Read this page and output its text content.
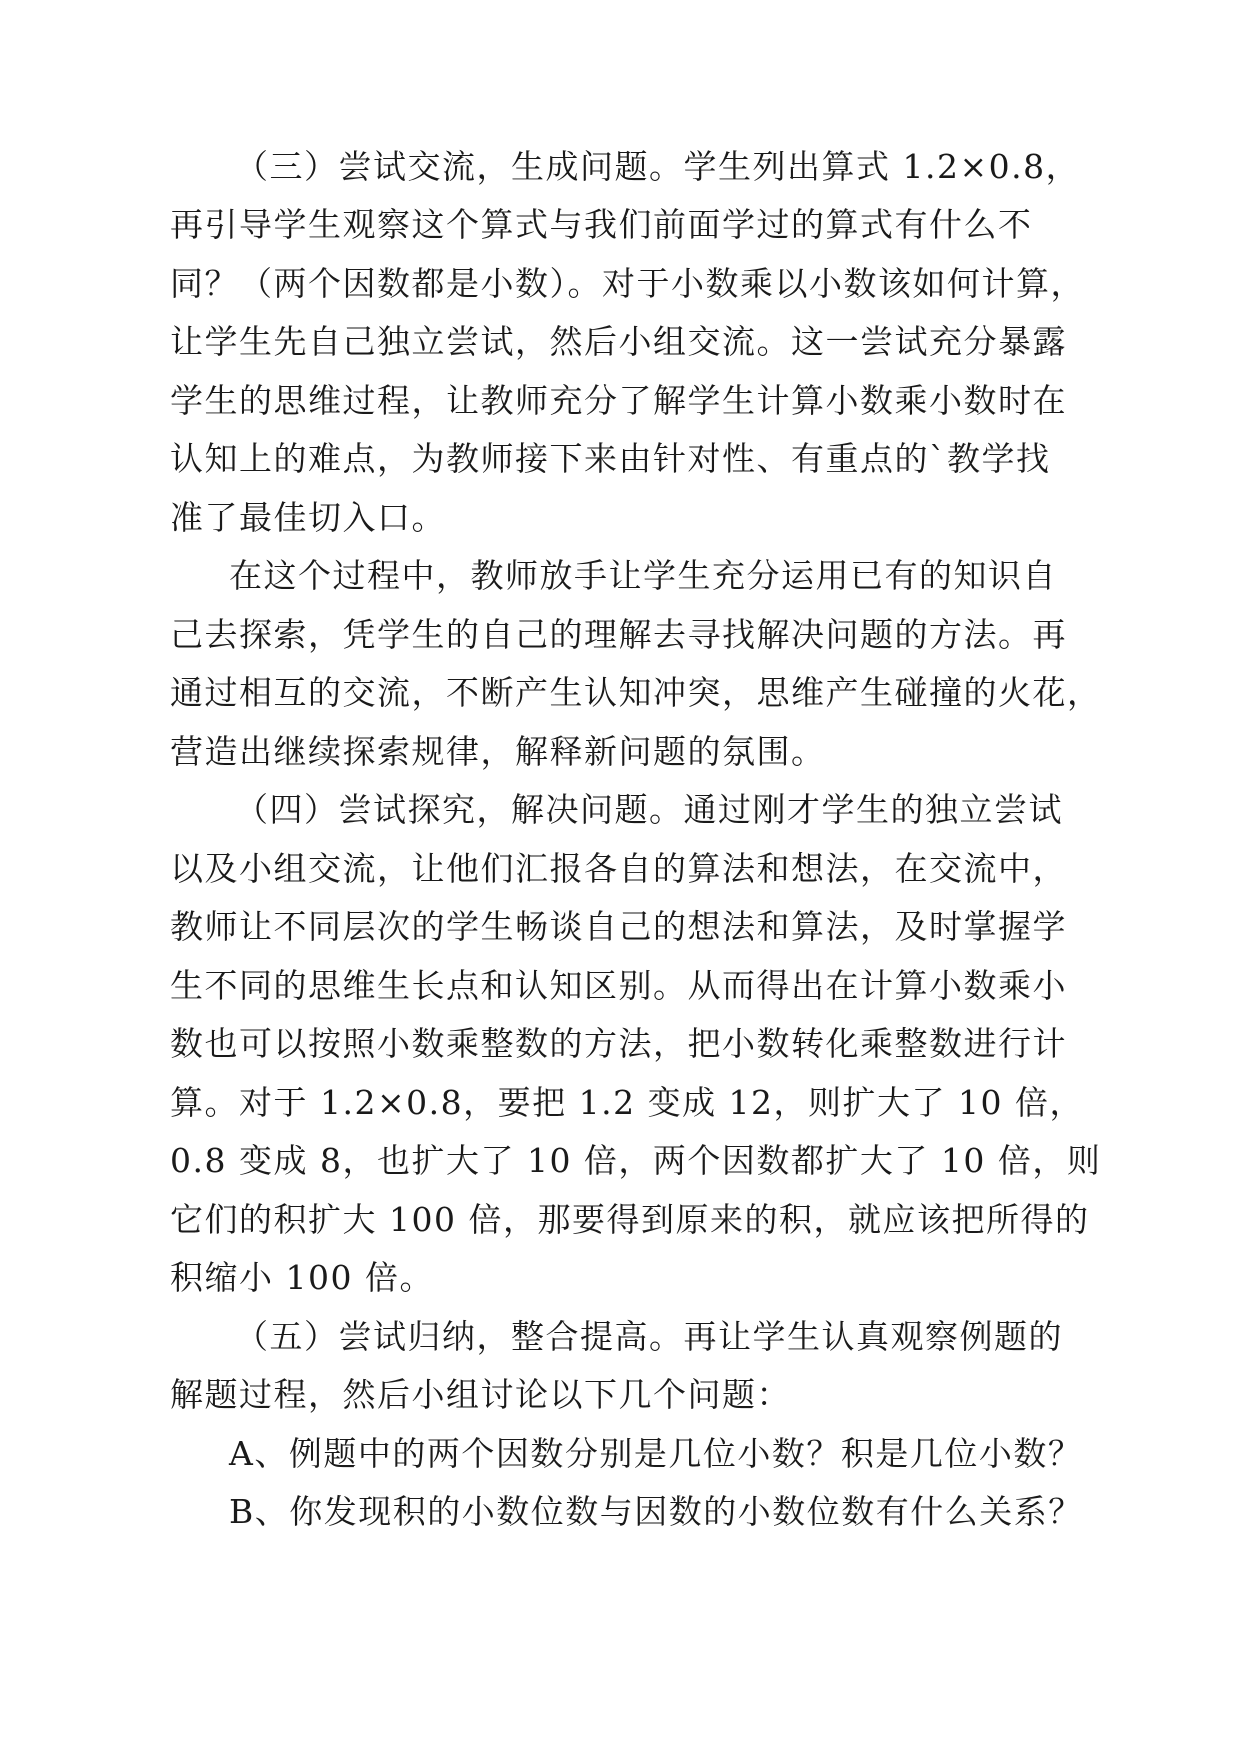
（三）尝试交流，生成问题。学生列出算式 1.2×0.8，
再引导学生观察这个算式与我们前面学过的算式有什么不
同？（两个因数都是小数）。对于小数乘以小数该如何计算，
让学生先自己独立尝试，然后小组交流。这一尝试充分暴露
学生的思维过程，让教师充分了解学生计算小数乘小数时在
认知上的难点，为教师接下来由针对性、有重点的`教学找
准了最佳切入口。
在这个过程中，教师放手让学生充分运用已有的知识自
己去探索，凭学生的自己的理解去寻找解决问题的方法。再
通过相互的交流，不断产生认知冲突，思维产生碰撞的火花，
营造出继续探索规律，解释新问题的氛围。
（四）尝试探究，解决问题。通过刚才学生的独立尝试
以及小组交流，让他们汇报各自的算法和想法，在交流中，
教师让不同层次的学生畅谈自己的想法和算法，及时掌握学
生不同的思维生长点和认知区别。从而得出在计算小数乘小
数也可以按照小数乘整数的方法，把小数转化乘整数进行计
算。对于 1.2×0.8，要把 1.2 变成 12，则扩大了 10 倍，
0.8 变成 8，也扩大了 10 倍，两个因数都扩大了 10 倍，则
它们的积扩大 100 倍，那要得到原来的积，就应该把所得的
积缩小 100 倍。
（五）尝试归纳，整合提高。再让学生认真观察例题的
解题过程，然后小组讨论以下几个问题：
A、例题中的两个因数分别是几位小数？积是几位小数？
B、你发现积的小数位数与因数的小数位数有什么关系？
